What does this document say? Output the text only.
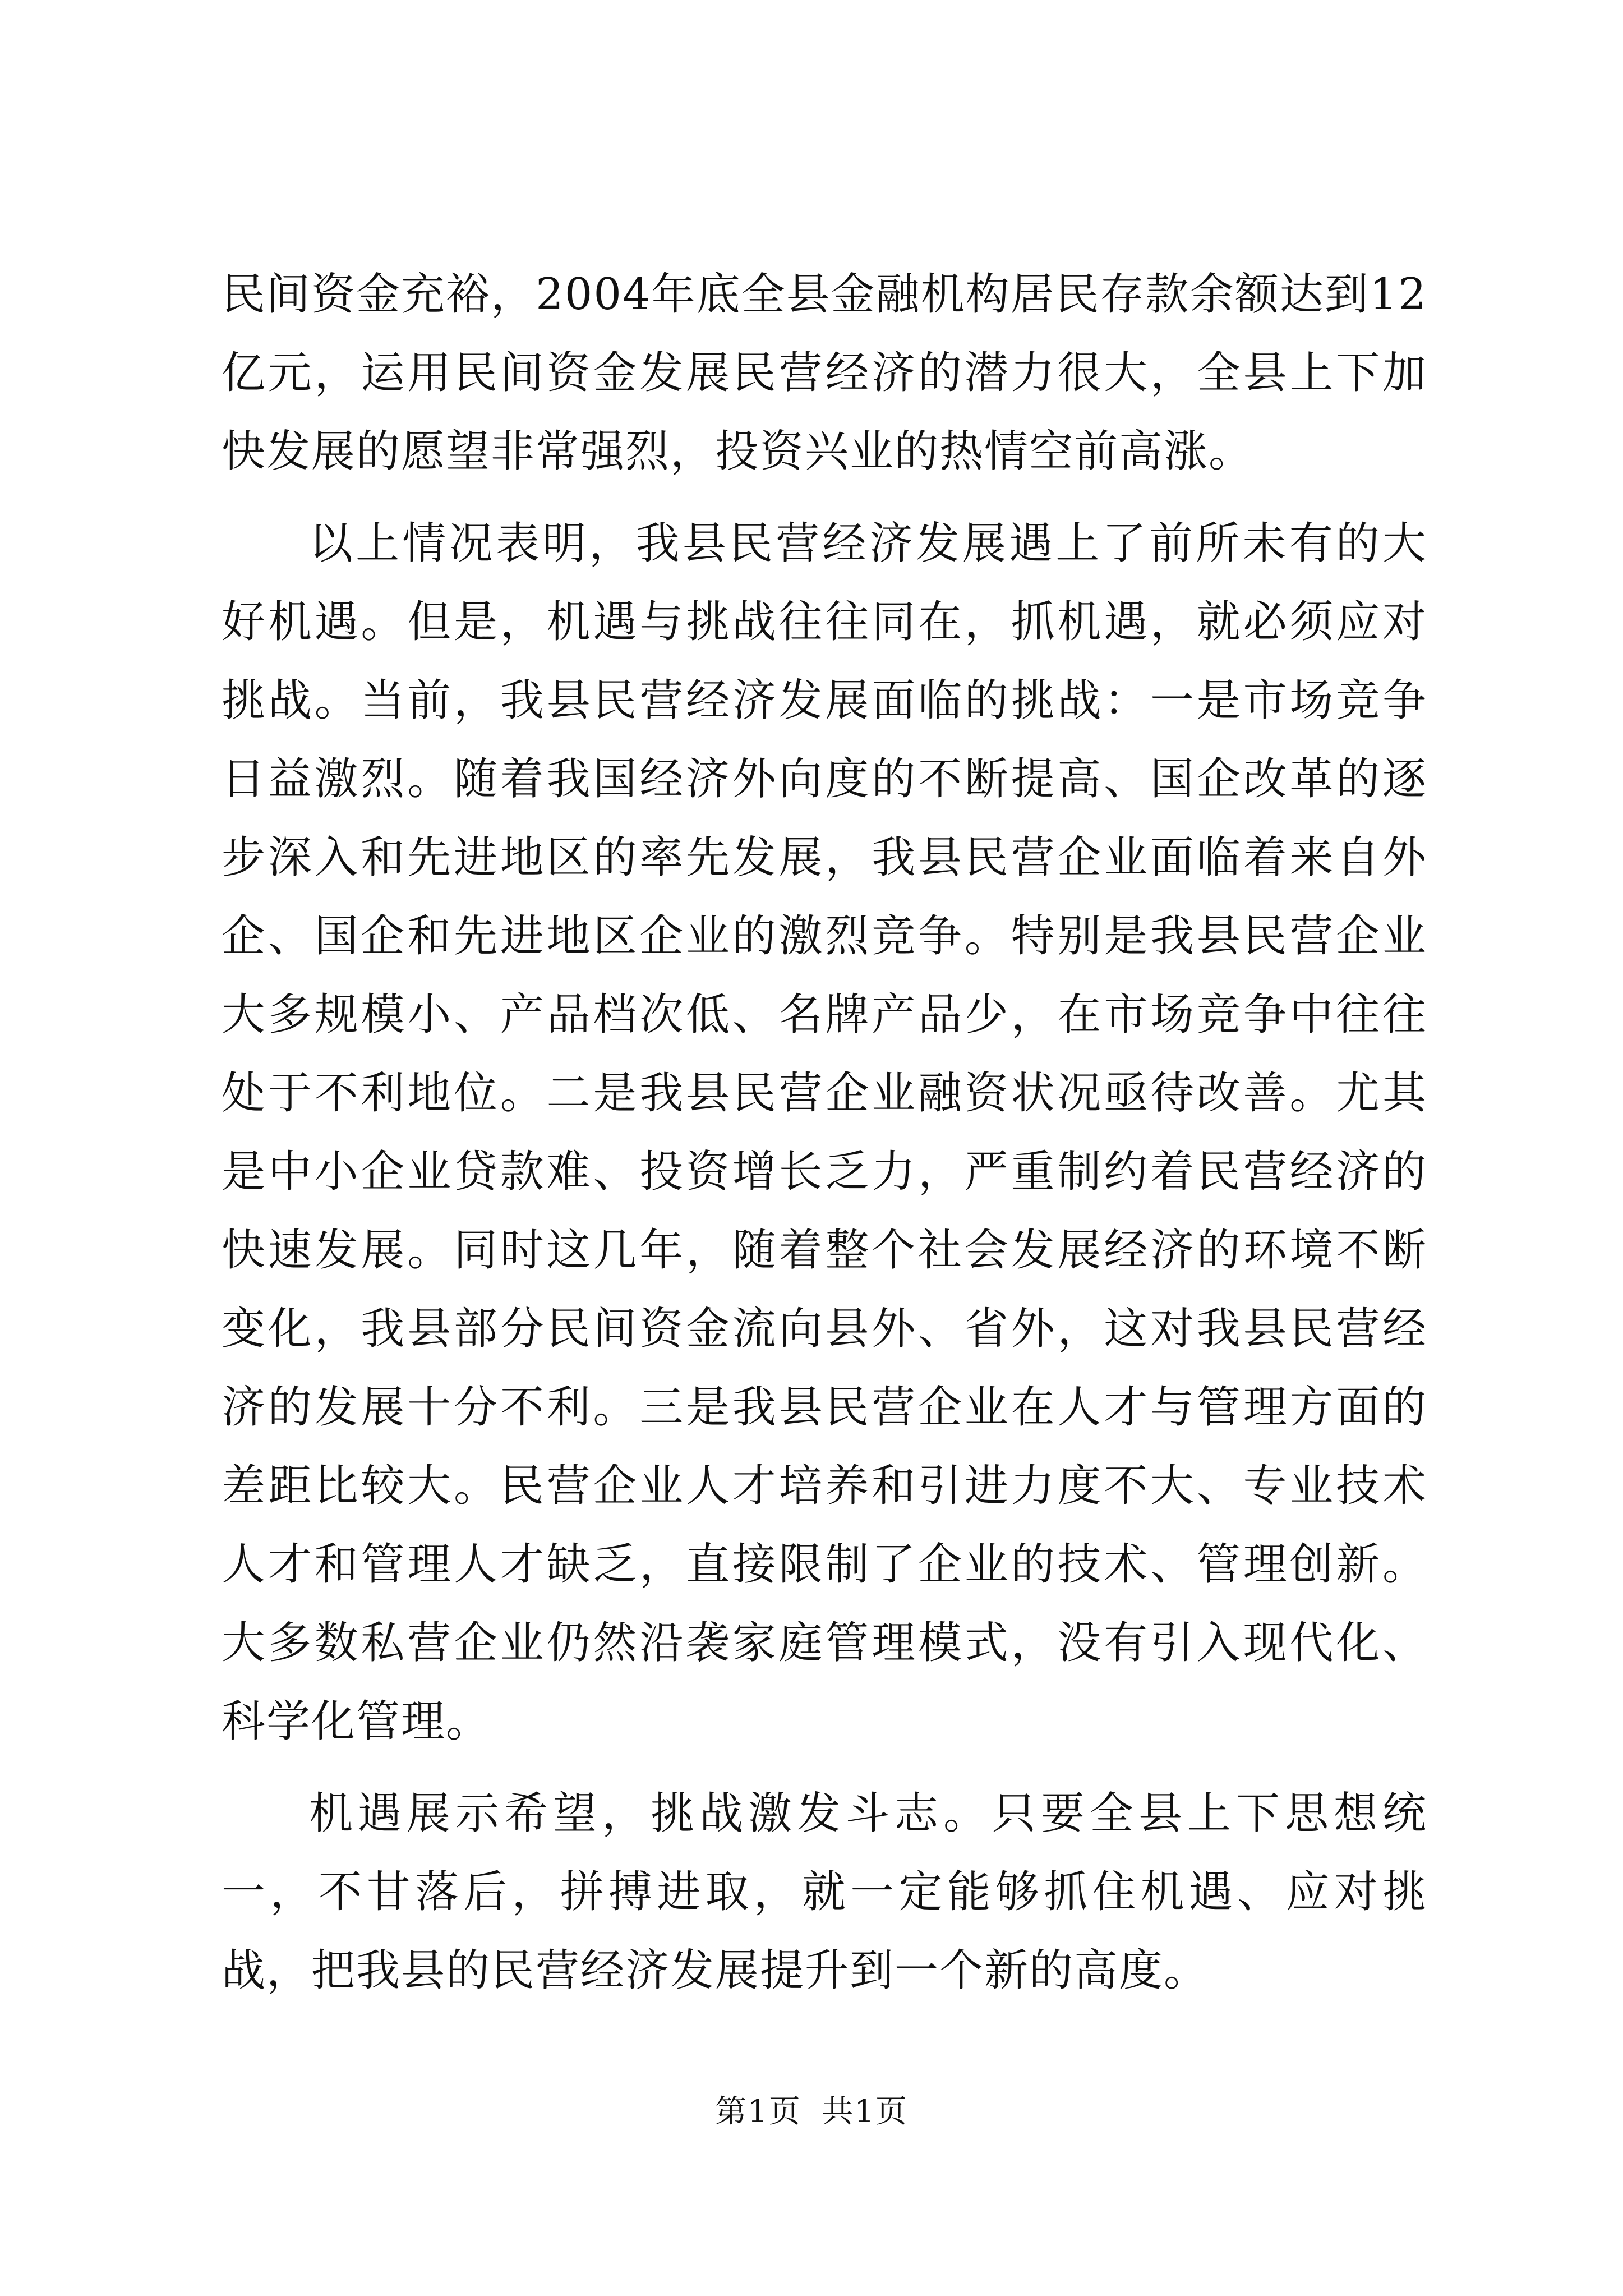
民间资金充裕，2004年底全县金融机构居民存款余额达到12亿元，运用民间资金发展民营经济的潜力很大，全县上下加快发展的愿望非常强烈，投资兴业的热情空前高涨。

以上情况表明，我县民营经济发展遇上了前所未有的大好机遇。但是，机遇与挑战往往同在，抓机遇，就必须应对挑战。当前，我县民营经济发展面临的挑战：一是市场竞争日益激烈。随着我国经济外向度的不断提高、国企改革的逐步深入和先进地区的率先发展，我县民营企业面临着来自外企、国企和先进地区企业的激烈竞争。特别是我县民营企业大多规模小、产品档次低、名牌产品少，在市场竞争中往往处于不利地位。二是我县民营企业融资状况亟待改善。尤其是中小企业贷款难、投资增长乏力，严重制约着民营经济的快速发展。同时这几年，随着整个社会发展经济的环境不断变化，我县部分民间资金流向县外、省外，这对我县民营经济的发展十分不利。三是我县民营企业在人才与管理方面的差距比较大。民营企业人才培养和引进力度不大、专业技术人才和管理人才缺乏，直接限制了企业的技术、管理创新。大多数私营企业仍然沿袭家庭管理模式，没有引入现代化、科学化管理。

机遇展示希望，挑战激发斗志。只要全县上下思想统一，不甘落后，拼搏进取，就一定能够抓住机遇、应对挑战，把我县的民营经济发展提升到一个新的高度。

第1页 共1页
